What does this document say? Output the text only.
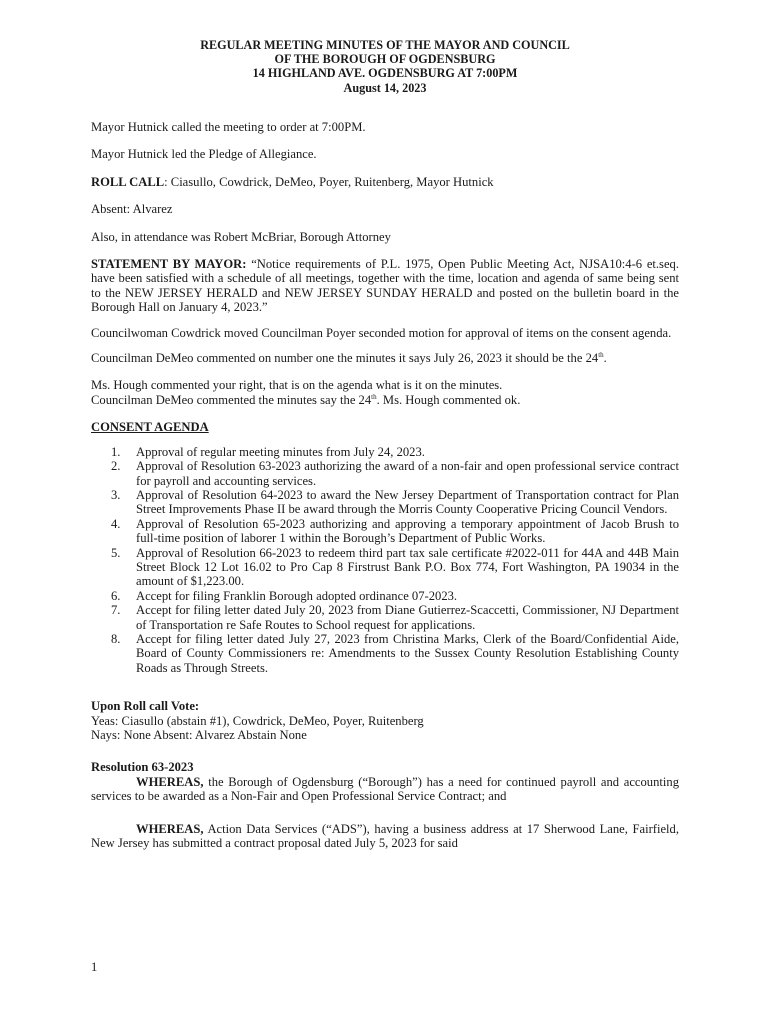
REGULAR MEETING MINUTES OF THE MAYOR AND COUNCIL
OF THE BOROUGH OF OGDENSBURG
14 HIGHLAND AVE. OGDENSBURG AT 7:00PM
August 14, 2023

Mayor Hutnick called the meeting to order at 7:00PM.

Mayor Hutnick led the Pledge of Allegiance.

ROLL CALL: Ciasullo, Cowdrick, DeMeo, Poyer, Ruitenberg, Mayor Hutnick

Absent: Alvarez

Also, in attendance was Robert McBriar, Borough Attorney

STATEMENT BY MAYOR: “Notice requirements of P.L. 1975, Open Public Meeting Act, NJSA10:4-6 et.seq. have been satisfied with a schedule of all meetings, together with the time, location and agenda of same being sent to the NEW JERSEY HERALD and NEW JERSEY SUNDAY HERALD and posted on the bulletin board in the Borough Hall on January 4, 2023.”

Councilwoman Cowdrick moved Councilman Poyer seconded motion for approval of items on the consent agenda.

Councilman DeMeo commented on number one the minutes it says July 26, 2023 it should be the 24th.

Ms. Hough commented your right, that is on the agenda what is it on the minutes.

Councilman DeMeo commented the minutes say the 24th. Ms. Hough commented ok.

CONSENT AGENDA

1. Approval of regular meeting minutes from July 24, 2023.
2. Approval of Resolution 63-2023 authorizing the award of a non-fair and open professional service contract for payroll and accounting services.
3. Approval of Resolution 64-2023 to award the New Jersey Department of Transportation contract for Plan Street Improvements Phase II be award through the Morris County Cooperative Pricing Council Vendors.
4. Approval of Resolution 65-2023 authorizing and approving a temporary appointment of Jacob Brush to full-time position of laborer 1 within the Borough’s Department of Public Works.
5. Approval of Resolution 66-2023 to redeem third part tax sale certificate #2022-011 for 44A and 44B Main Street Block 12 Lot 16.02 to Pro Cap 8 Firstrust Bank P.O. Box 774, Fort Washington, PA 19034 in the amount of $1,223.00.
6. Accept for filing Franklin Borough adopted ordinance 07-2023.
7. Accept for filing letter dated July 20, 2023 from Diane Gutierrez-Scaccetti, Commissioner, NJ Department of Transportation re Safe Routes to School request for applications.
8. Accept for filing letter dated July 27, 2023 from Christina Marks, Clerk of the Board/Confidential Aide, Board of County Commissioners re: Amendments to the Sussex County Resolution Establishing County Roads as Through Streets.

Upon Roll call Vote:

Yeas: Ciasullo (abstain #1), Cowdrick, DeMeo, Poyer, Ruitenberg

Nays: None Absent: Alvarez Abstain None

Resolution 63-2023

WHEREAS, the Borough of Ogdensburg (“Borough”) has a need for continued payroll and accounting services to be awarded as a Non-Fair and Open Professional Service Contract; and

WHEREAS, Action Data Services (“ADS”), having a business address at 17 Sherwood Lane, Fairfield, New Jersey has submitted a contract proposal dated July 5, 2023 for said

1
